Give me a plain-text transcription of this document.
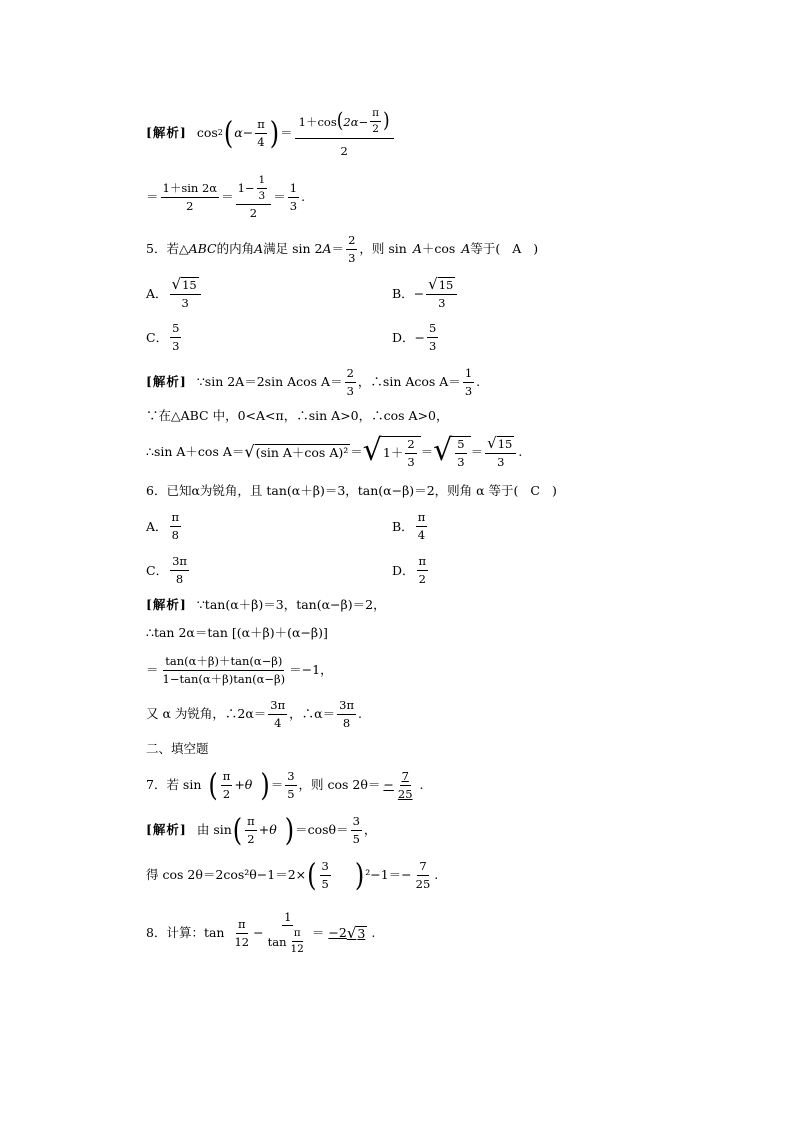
[解析] cos 2 ( $\alpha- \frac{\pi}{4}$ ) ＝ $\frac{1+\cos ( 2\alpha- \frac{\pi}{2} )}{2}$
＝ $\frac{1+\sin 2\alpha}{2} = \frac{1- \frac{1}{3}}{2} = \frac{1}{3}$ .
5．若△ ABC 的内角 A 满足 sin 2 $A = \frac{2}{3}$ ，则 sin A ＋cos A 等于( A )
A． $\frac{√ 15}{3}$	B． − $\frac{√ 15}{3}$
C． $\frac{5}{3}$	D． − $\frac{5}{3}$
[解析] ∵sin 2A＝2sin Acos $A= \frac{2}{3}$ ，∴sin Acos $A= \frac{1}{3}$ .
∵在△ABC 中，0<A<π，∴sin A>0，∴cos A>0，
∴sin A＋cos A＝ √ (sin A＋cos A)² ＝ √ $1+ \frac{2}{3}$ ＝ √ $\frac{5}{3} = \frac{√ 15}{3}$ .
6．已知α为锐角，且 tan(α＋β)＝3，tan(α−β)＝2，则角 α 等于( C )
A． $\frac{\pi}{8}$	B． $\frac{\pi}{4}$
C． $\frac{3\pi}{8}$	D． $\frac{\pi}{2}$
[解析] ∵tan(α＋β)＝3，tan(α−β)＝2，
∴tan 2α＝tan [(α＋β)＋(α−β)]
＝ $\frac{\tan(\alpha+\beta)+\tan(\alpha-\beta)}{1-\tan(\alpha+\beta)\tan(\alpha-\beta)} =-1$，
又 α 为锐角，∴2α＝ $\frac{3\pi}{4}$ ，∴α＝ $\frac{3\pi}{8}$ .
二、填空题
7．若 sin ( $\frac{\pi}{2} +\theta$ ) ＝ $\frac{3}{5}$ ，则 $\cos 2\theta= - \frac{7}{25}$ .
[解析] 由 sin ( $\frac{\pi}{2} +\theta$ ) $=\cos\theta= \frac{3}{5}$ ，
得 cos 2θ＝2cos²θ−1＝2× ( $\frac{3}{5}$ ) $^2-1=- \frac{7}{25}$ .
8．计算：$\tan \frac{\pi}{12} - \frac{1}{\tan \frac{\pi}{12}} = -2$ √ 3 .
